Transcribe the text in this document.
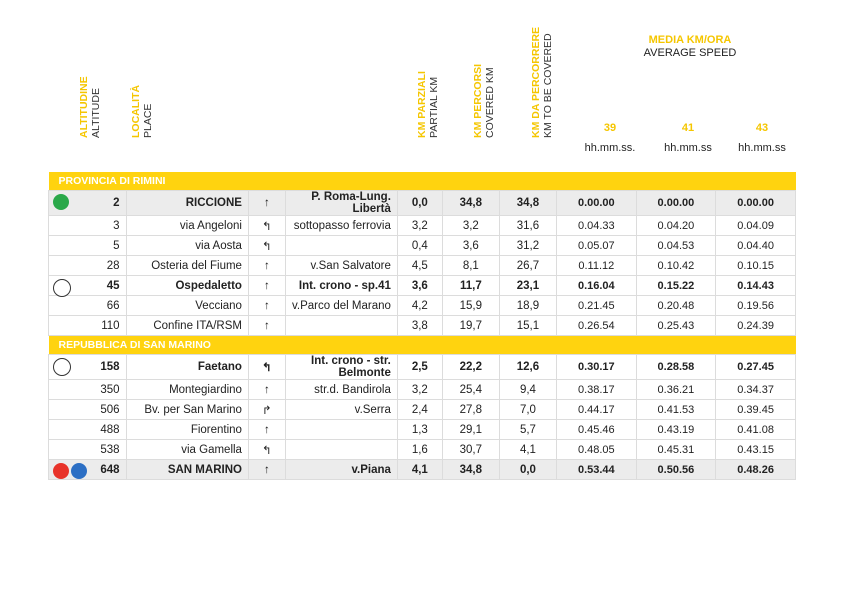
ALTITUDINE ALTITUDE	LOCALITÀ PLACE	KM PARZIALI PARTIAL KM	KM PERCORSI COVERED KM	KM DA PERCORRERE KM TO BE COVERED	MEDIA KM/ORA
AVERAGE SPEED
39
hh.mm.ss.
41
hh.mm.ss
43
hh.mm.ss
PROVINCIA DI RIMINI									

2	RICCIONE	↑	P. Roma-Lung. Libertà	0,0	34,8	34,8	0.00.00	0.00.00	0.00.00
3	via Angeloni	↰	sottopasso ferrovia	3,2	3,2	31,6	0.04.33	0.04.20	0.04.09
5	via Aosta	↰		0,4	3,6	31,2	0.05.07	0.04.53	0.04.40
28	Osteria del Fiume	↑	v.San Salvatore	4,5	8,1	26,7	0.11.12	0.10.42	0.10.15

45	Ospedaletto	↑	Int. crono - sp.41	3,6	11,7	23,1	0.16.04	0.15.22	0.14.43
66	Vecciano	↑	v.Parco del Marano	4,2	15,9	18,9	0.21.45	0.20.48	0.19.56
110	Confine ITA/RSM	↑		3,8	19,7	15,1	0.26.54	0.25.43	0.24.39
REPUBBLICA DI SAN MARINO									

158	Faetano	↰	Int. crono - str. Belmonte	2,5	22,2	12,6	0.30.17	0.28.58	0.27.45
350	Montegiardino	↑	str.d. Bandirola	3,2	25,4	9,4	0.38.17	0.36.21	0.34.37
506	Bv. per San Marino	↱	v.Serra	2,4	27,8	7,0	0.44.17	0.41.53	0.39.45
488	Fiorentino	↑		1,3	29,1	5,7	0.45.46	0.43.19	0.41.08
538	via Gamella	↰		1,6	30,7	4,1	0.48.05	0.45.31	0.43.15

648	SAN MARINO	↑	v.Piana	4,1	34,8	0,0	0.53.44	0.50.56	0.48.26
